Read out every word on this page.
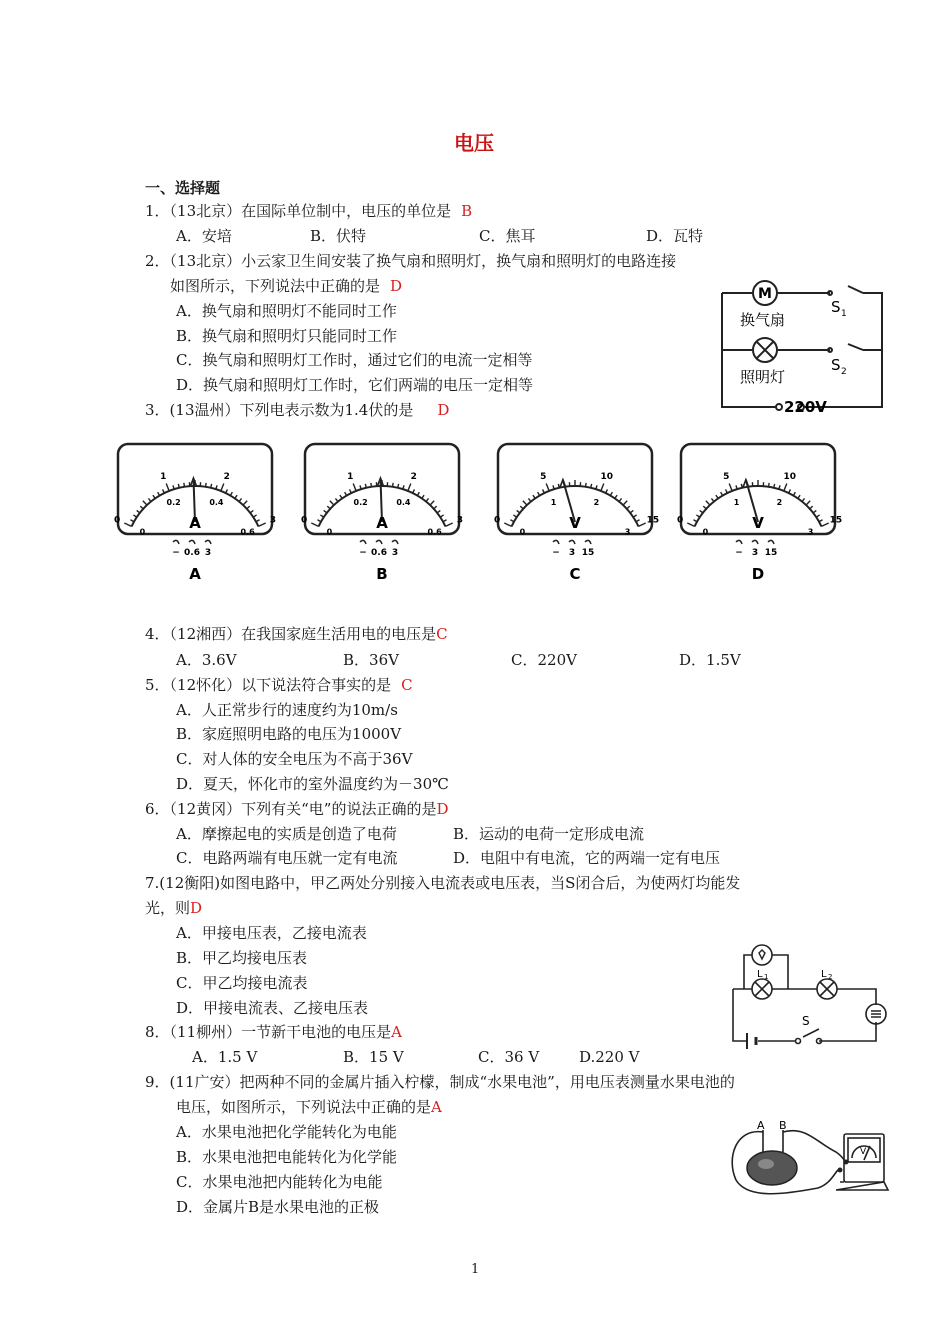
电压
一、选择题
1．（13北京）在国际单位制中，电压的单位是 B
A．安培	B．伏特	C．焦耳	D．瓦特
2．（13北京）小云家卫生间安装了换气扇和照明灯，换气扇和照明灯的电路连接
如图所示，下列说法中正确的是 D
A．换气扇和照明灯不能同时工作
B．换气扇和照明灯只能同时工作
C．换气扇和照明灯工作时，通过它们的电流一定相等
D．换气扇和照明灯工作时，它们两端的电压一定相等
M
换气扇
照明灯
S 1
S 2
220V
3．(13温州）下列电表示数为1.4伏的是 D
0
1	2
3
0
0.2	0.4
0.6
A
− 0.6 3
A
0
1	2
3
0
0.2	0.4
0.6
A
− 0.6 3
B
0
5	10
15
0
1	2
3
V
− 3 15
C
0
5	10
15
0
1	2
3
V
− 3 15
D
4．（12湘西）在我国家庭生活用电的电压是C
A．3.6V	B．36V	C．220V	D．1.5V
5．（12怀化）以下说法符合事实的是 C
A．人正常步行的速度约为10m/s
B．家庭照明电路的电压为1000V
C．对人体的安全电压为不高于36V
D．夏天，怀化市的室外温度约为－30℃
6．（12黄冈）下列有关“电”的说法正确的是D
A．摩擦起电的实质是创造了电荷	B．运动的电荷一定形成电流
C．电路两端有电压就一定有电流	D．电阻中有电流，它的两端一定有电压
7.(12衡阳)如图电路中，甲乙两处分别接入电流表或电压表，当S闭合后，为使两灯均能发
光，则D
A．甲接电压表，乙接电流表
B．甲乙均接电压表
C．甲乙均接电流表
D．甲接电流表、乙接电压表
L 1	L 2
S
8．（11柳州）一节新干电池的电压是A
A．1.5 V	B．15 V	C．36 V	D.220 V
9．(11广安）把两种不同的金属片插入柠檬，制成“水果电池”，用电压表测量水果电池的
电压，如图所示，下列说法中正确的是A
A．水果电池把化学能转化为电能
B．水果电池把电能转化为化学能
C．水果电池把内能转化为电能
D．金属片B是水果电池的正极
A B
V
1
